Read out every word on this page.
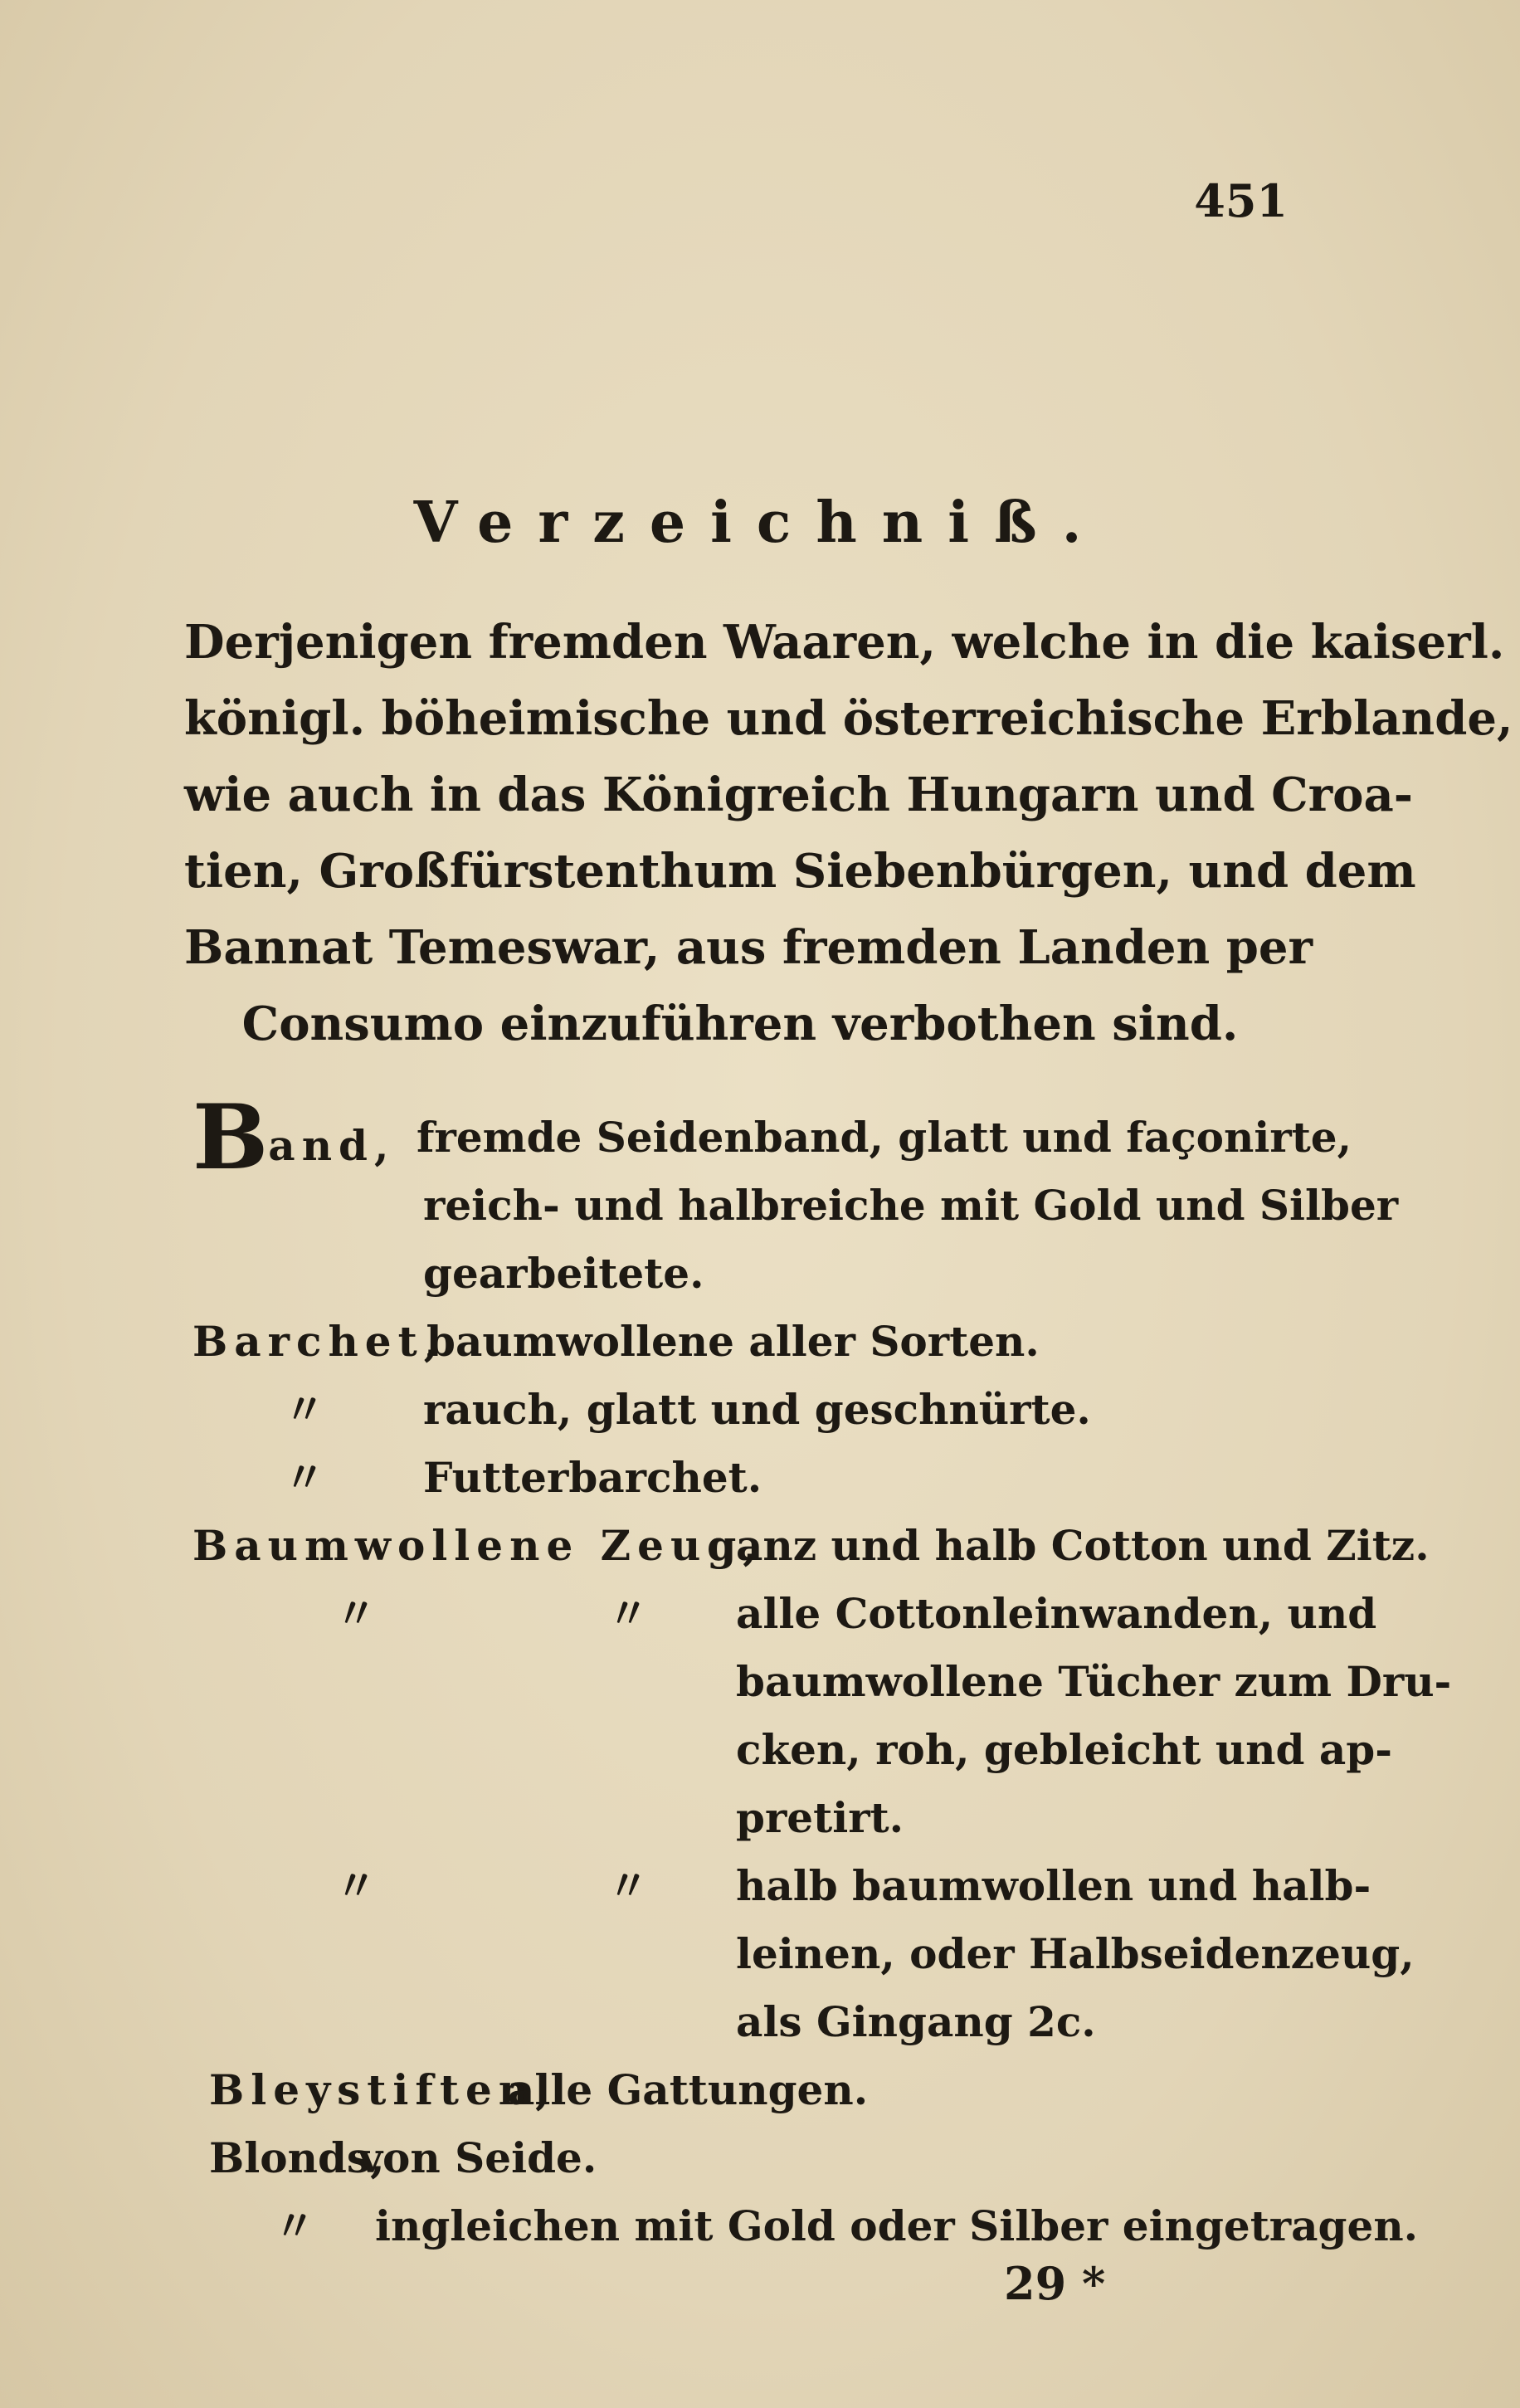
451
Verzeichniß.
Derjenigen fremden Waaren, welche in die kaiserl.
königl. böheimische und österreichische Erblande,
wie auch in das Königreich Hungarn und Croa-
tien, Großfürstenthum Siebenbürgen, und dem
Bannat Temeswar, aus fremden Landen per
Consumo einzuführen verbothen sind.
Band, fremde Seidenband, glatt und façonirte,
reich- und halbreiche mit Gold und Silber
gearbeitete.
Barchet,
baumwollene aller Sorten.
〃 rauch, glatt und geschnürte.
〃 Futterbarchet.
Baumwollene Zeug,
ganz und halb Cotton und Zitz.
〃	〃 alle Cottonleinwanden, und
baumwollene Tücher zum Dru-
cken, roh, gebleicht und ap-
pretirt.
〃	〃 halb baumwollen und halb-
leinen, oder Halbseidenzeug,
als Gingang 2c.
Bleystiften,
alle Gattungen.
Blonds,
von Seide.
〃 ingleichen mit Gold oder Silber eingetragen.
29 *
